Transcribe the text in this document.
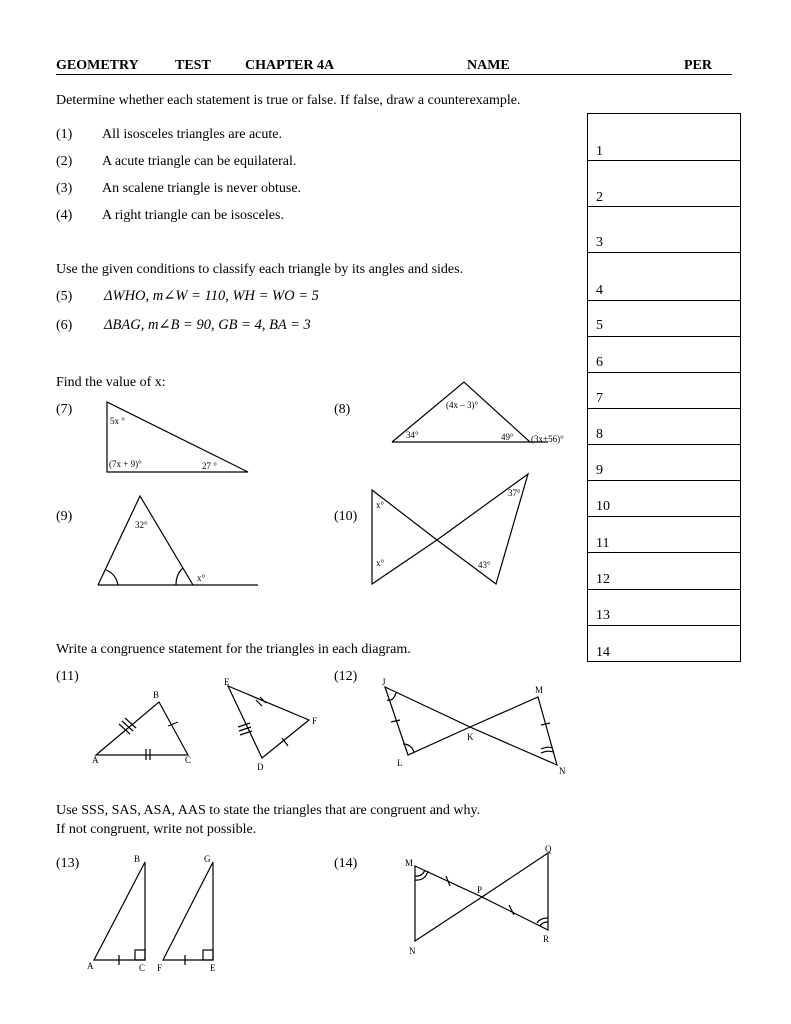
GEOMETRY	TEST CHAPTER 4A	NAME	PER
Determine whether each statement is true or false. If false, draw a counterexample.
(1) All isosceles triangles are acute.
(2) A acute triangle can be equilateral.
(3) An scalene triangle is never obtuse.
(4) A right triangle can be isosceles.
Use the given conditions to classify each triangle by its angles and sides.
(5) ΔWHO, m∠W = 110, WH = WO = 5
(6) ΔBAG, m∠B = 90, GB = 4, BA = 3
Find the value of x:
(7)	(8)
(9)	(10)
Write a congruence statement for the triangles in each diagram.
(11)	(12)
Use SSS, SAS, ASA, AAS to state the triangles that are congruent and why.
If not congruent, write not possible.
(13)	(14)
1
2
3
4
5
6
7
8
9
10
11
12
13
14
5x °
(7x + 9)°	27 °
(4x – 3)°
34°	49° (3x+56)°
32°
x°
x°
x°
37°
43°
A
B
C
D
E
F
J
K
L
M
N
A
B
C F
G
E
M
N
P
Q
R
